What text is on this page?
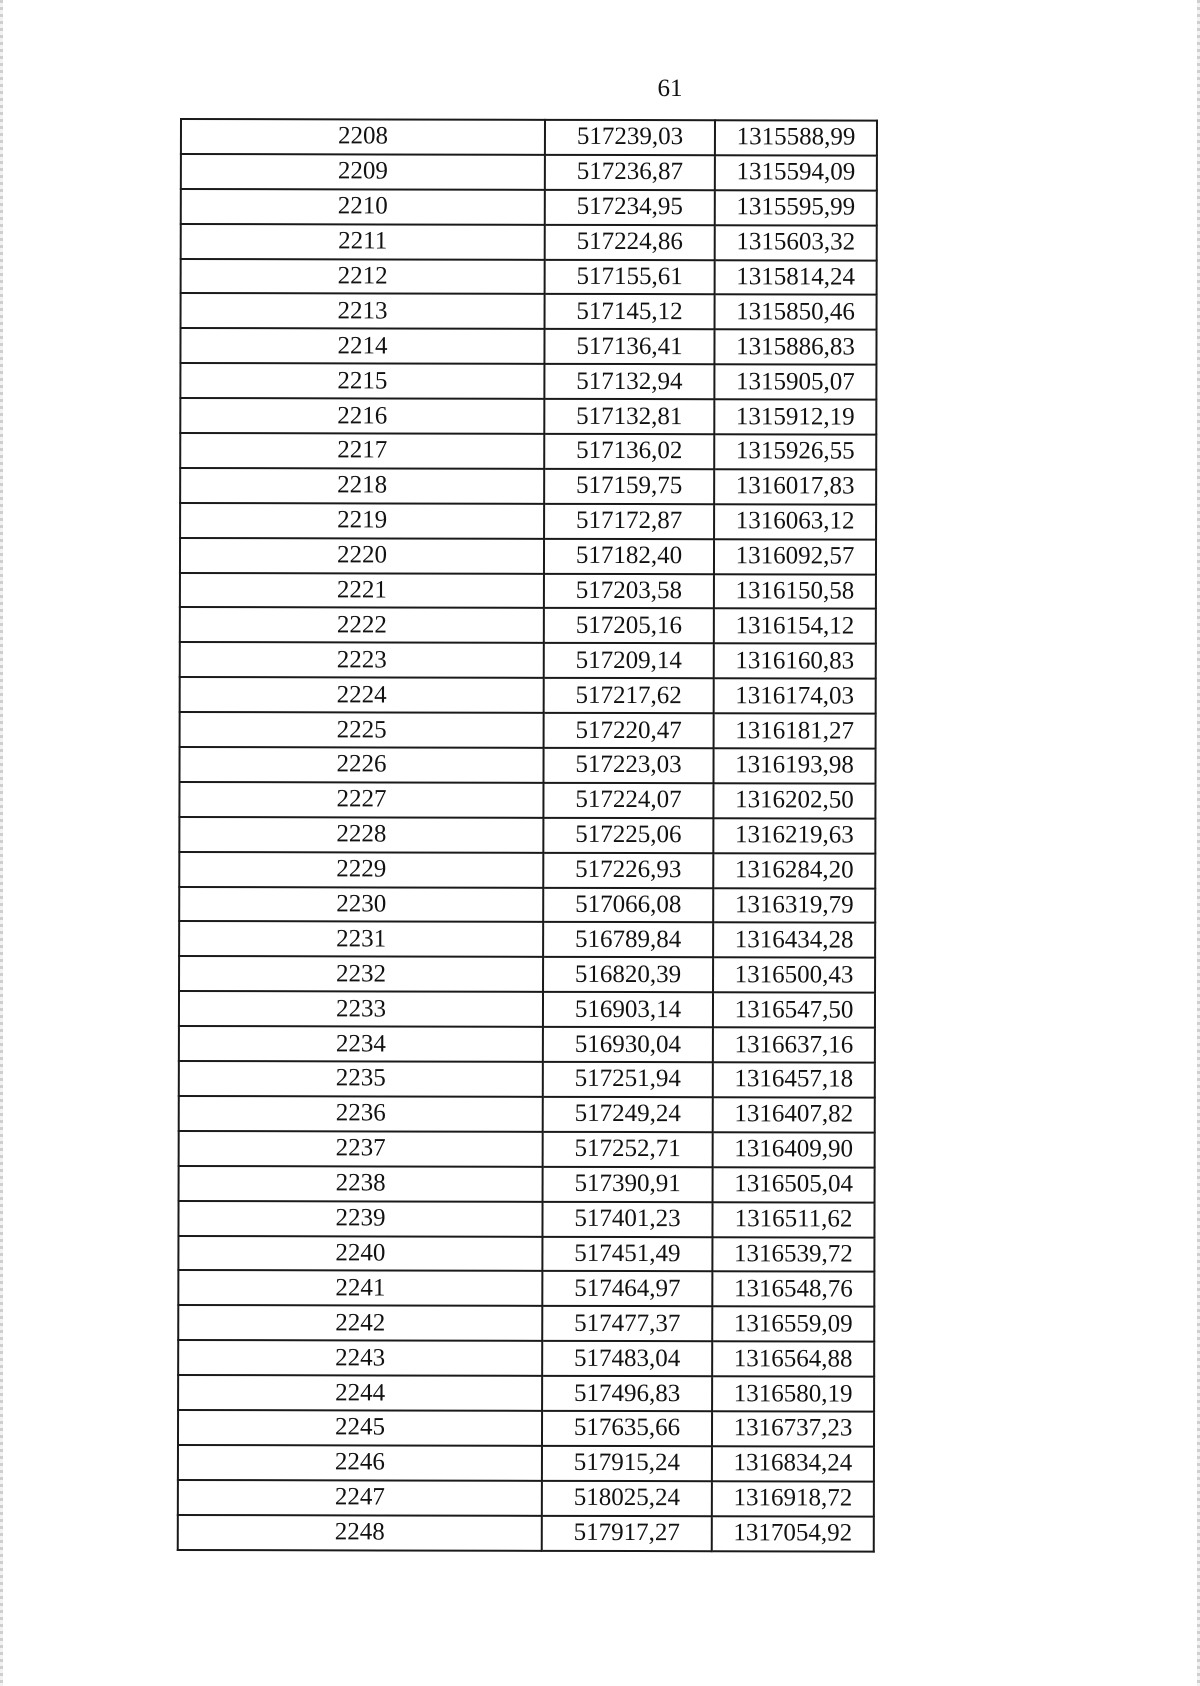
61
2208	517239,03	1315588,99
2209	517236,87	1315594,09
2210	517234,95	1315595,99
2211	517224,86	1315603,32
2212	517155,61	1315814,24
2213	517145,12	1315850,46
2214	517136,41	1315886,83
2215	517132,94	1315905,07
2216	517132,81	1315912,19
2217	517136,02	1315926,55
2218	517159,75	1316017,83
2219	517172,87	1316063,12
2220	517182,40	1316092,57
2221	517203,58	1316150,58
2222	517205,16	1316154,12
2223	517209,14	1316160,83
2224	517217,62	1316174,03
2225	517220,47	1316181,27
2226	517223,03	1316193,98
2227	517224,07	1316202,50
2228	517225,06	1316219,63
2229	517226,93	1316284,20
2230	517066,08	1316319,79
2231	516789,84	1316434,28
2232	516820,39	1316500,43
2233	516903,14	1316547,50
2234	516930,04	1316637,16
2235	517251,94	1316457,18
2236	517249,24	1316407,82
2237	517252,71	1316409,90
2238	517390,91	1316505,04
2239	517401,23	1316511,62
2240	517451,49	1316539,72
2241	517464,97	1316548,76
2242	517477,37	1316559,09
2243	517483,04	1316564,88
2244	517496,83	1316580,19
2245	517635,66	1316737,23
2246	517915,24	1316834,24
2247	518025,24	1316918,72
2248	517917,27	1317054,92
